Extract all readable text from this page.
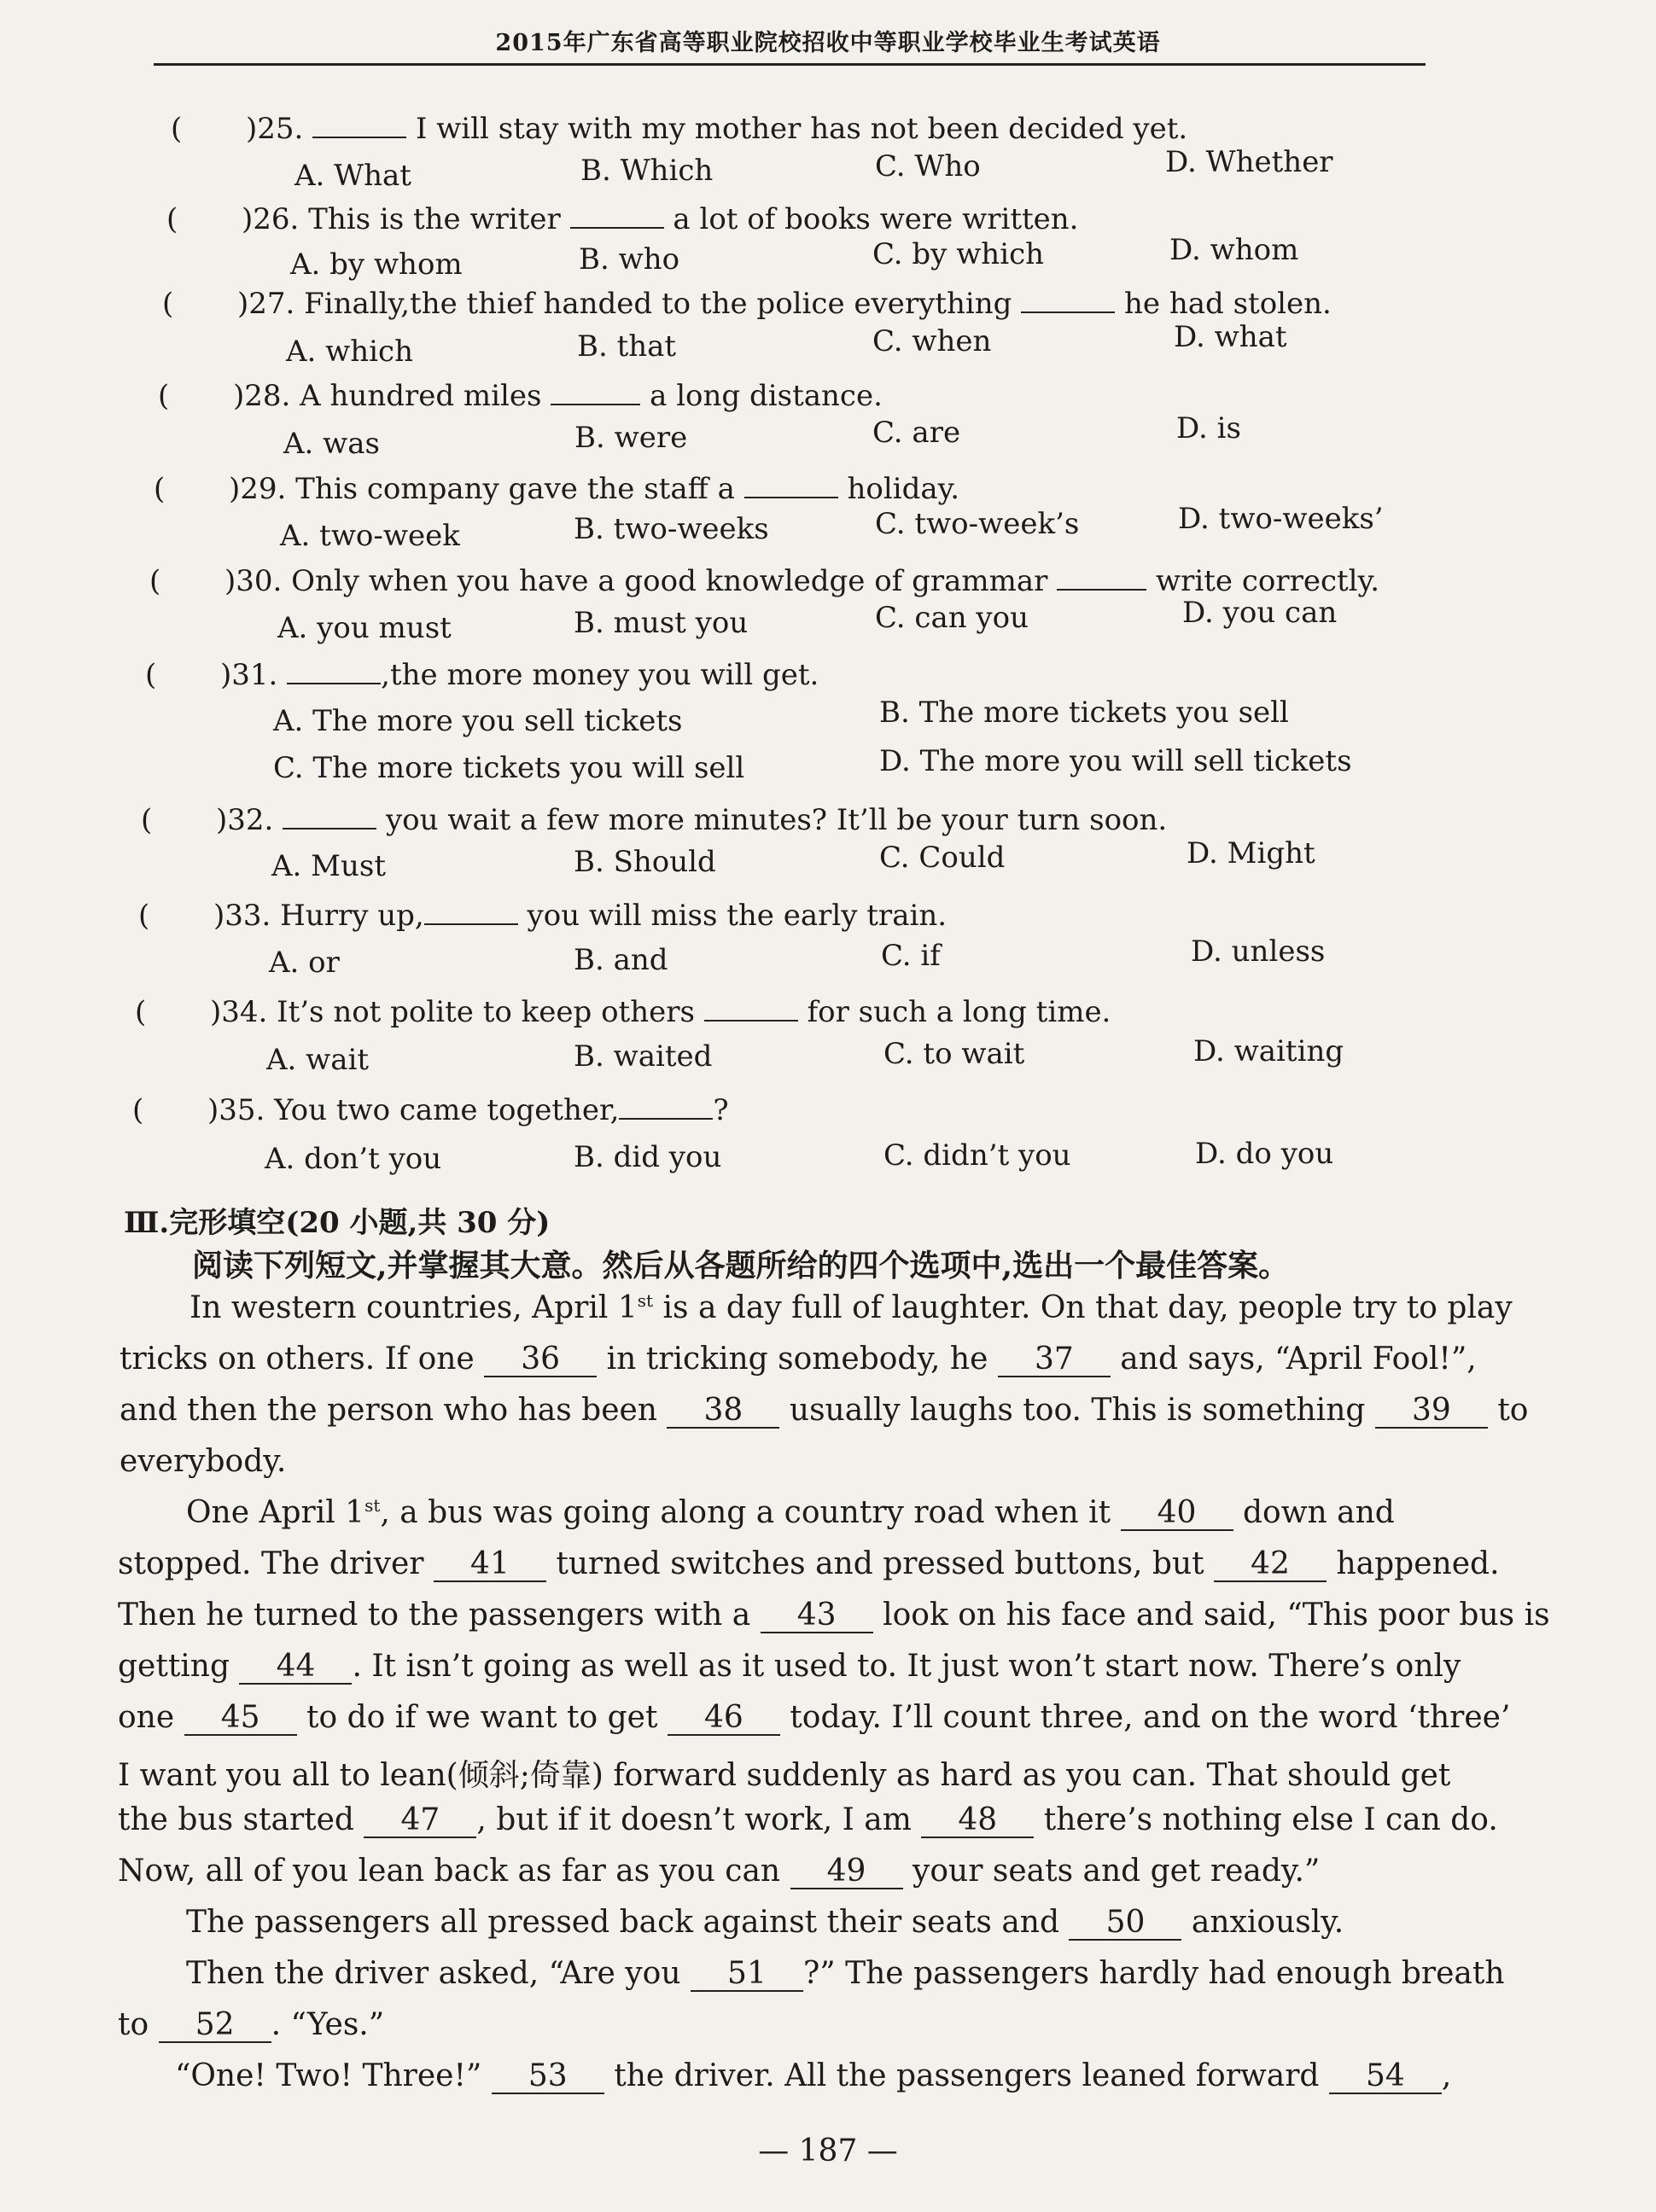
2015年广东省高等职业院校招收中等职业学校毕业生考试英语
( )25.	I will stay with my mother has not been decided yet.
A. What	B. Which	C. Who	D. Whether
( )26. This is the writer	a lot of books were written.
A. by whom	B. who	C. by which	D. whom
( )27. Finally,the thief handed to the police everything	he had stolen.
A. which	B. that	C. when	D. what
( )28. A hundred miles	a long distance.
A. was	B. were	C. are	D. is
( )29. This company gave the staff a	holiday.
A. two-week	B. two-weeks	C. two-week’s	D. two-weeks’
( )30. Only when you have a good knowledge of grammar	write correctly.
A. you must	B. must you	C. can you	D. you can
( )31.	,the more money you will get.
A. The more you sell tickets	B. The more tickets you sell
C. The more tickets you will sell	D. The more you will sell tickets
( )32.	you wait a few more minutes? It’ll be your turn soon.
A. Must	B. Should	C. Could	D. Might
( )33. Hurry up,	you will miss the early train.
A. or	B. and	C. if	D. unless
( )34. It’s not polite to keep others	for such a long time.
A. wait	B. waited	C. to wait	D. waiting
( )35. You two came together,	?
A. don’t you	B. did you	C. didn’t you	D. do you
Ⅲ.完形填空(20 小题,共 30 分)
阅读下列短文,并掌握其大意。然后从各题所给的四个选项中,选出一个最佳答案。
In western countries, April 1st is a day full of laughter. On that day, people try to play
tricks on others. If one 36 in tricking somebody, he 37 and says, “April Fool!”,
and then the person who has been 38 usually laughs too. This is something 39 to
everybody.
One April 1st, a bus was going along a country road when it 40 down and
stopped. The driver 41 turned switches and pressed buttons, but 42 happened.
Then he turned to the passengers with a 43 look on his face and said, “This poor bus is
getting 44 . It isn’t going as well as it used to. It just won’t start now. There’s only
one 45 to do if we want to get 46 today. I’ll count three, and on the word ‘three’
I want you all to lean(倾斜;倚靠) forward suddenly as hard as you can. That should get
the bus started 47 , but if it doesn’t work, I am 48 there’s nothing else I can do.
Now, all of you lean back as far as you can 49 your seats and get ready.”
The passengers all pressed back against their seats and 50 anxiously.
Then the driver asked, “Are you 51 ?” The passengers hardly had enough breath
to 52 . “Yes.”
“One! Two! Three!” 53 the driver. All the passengers leaned forward 54 ,
— 187 —
